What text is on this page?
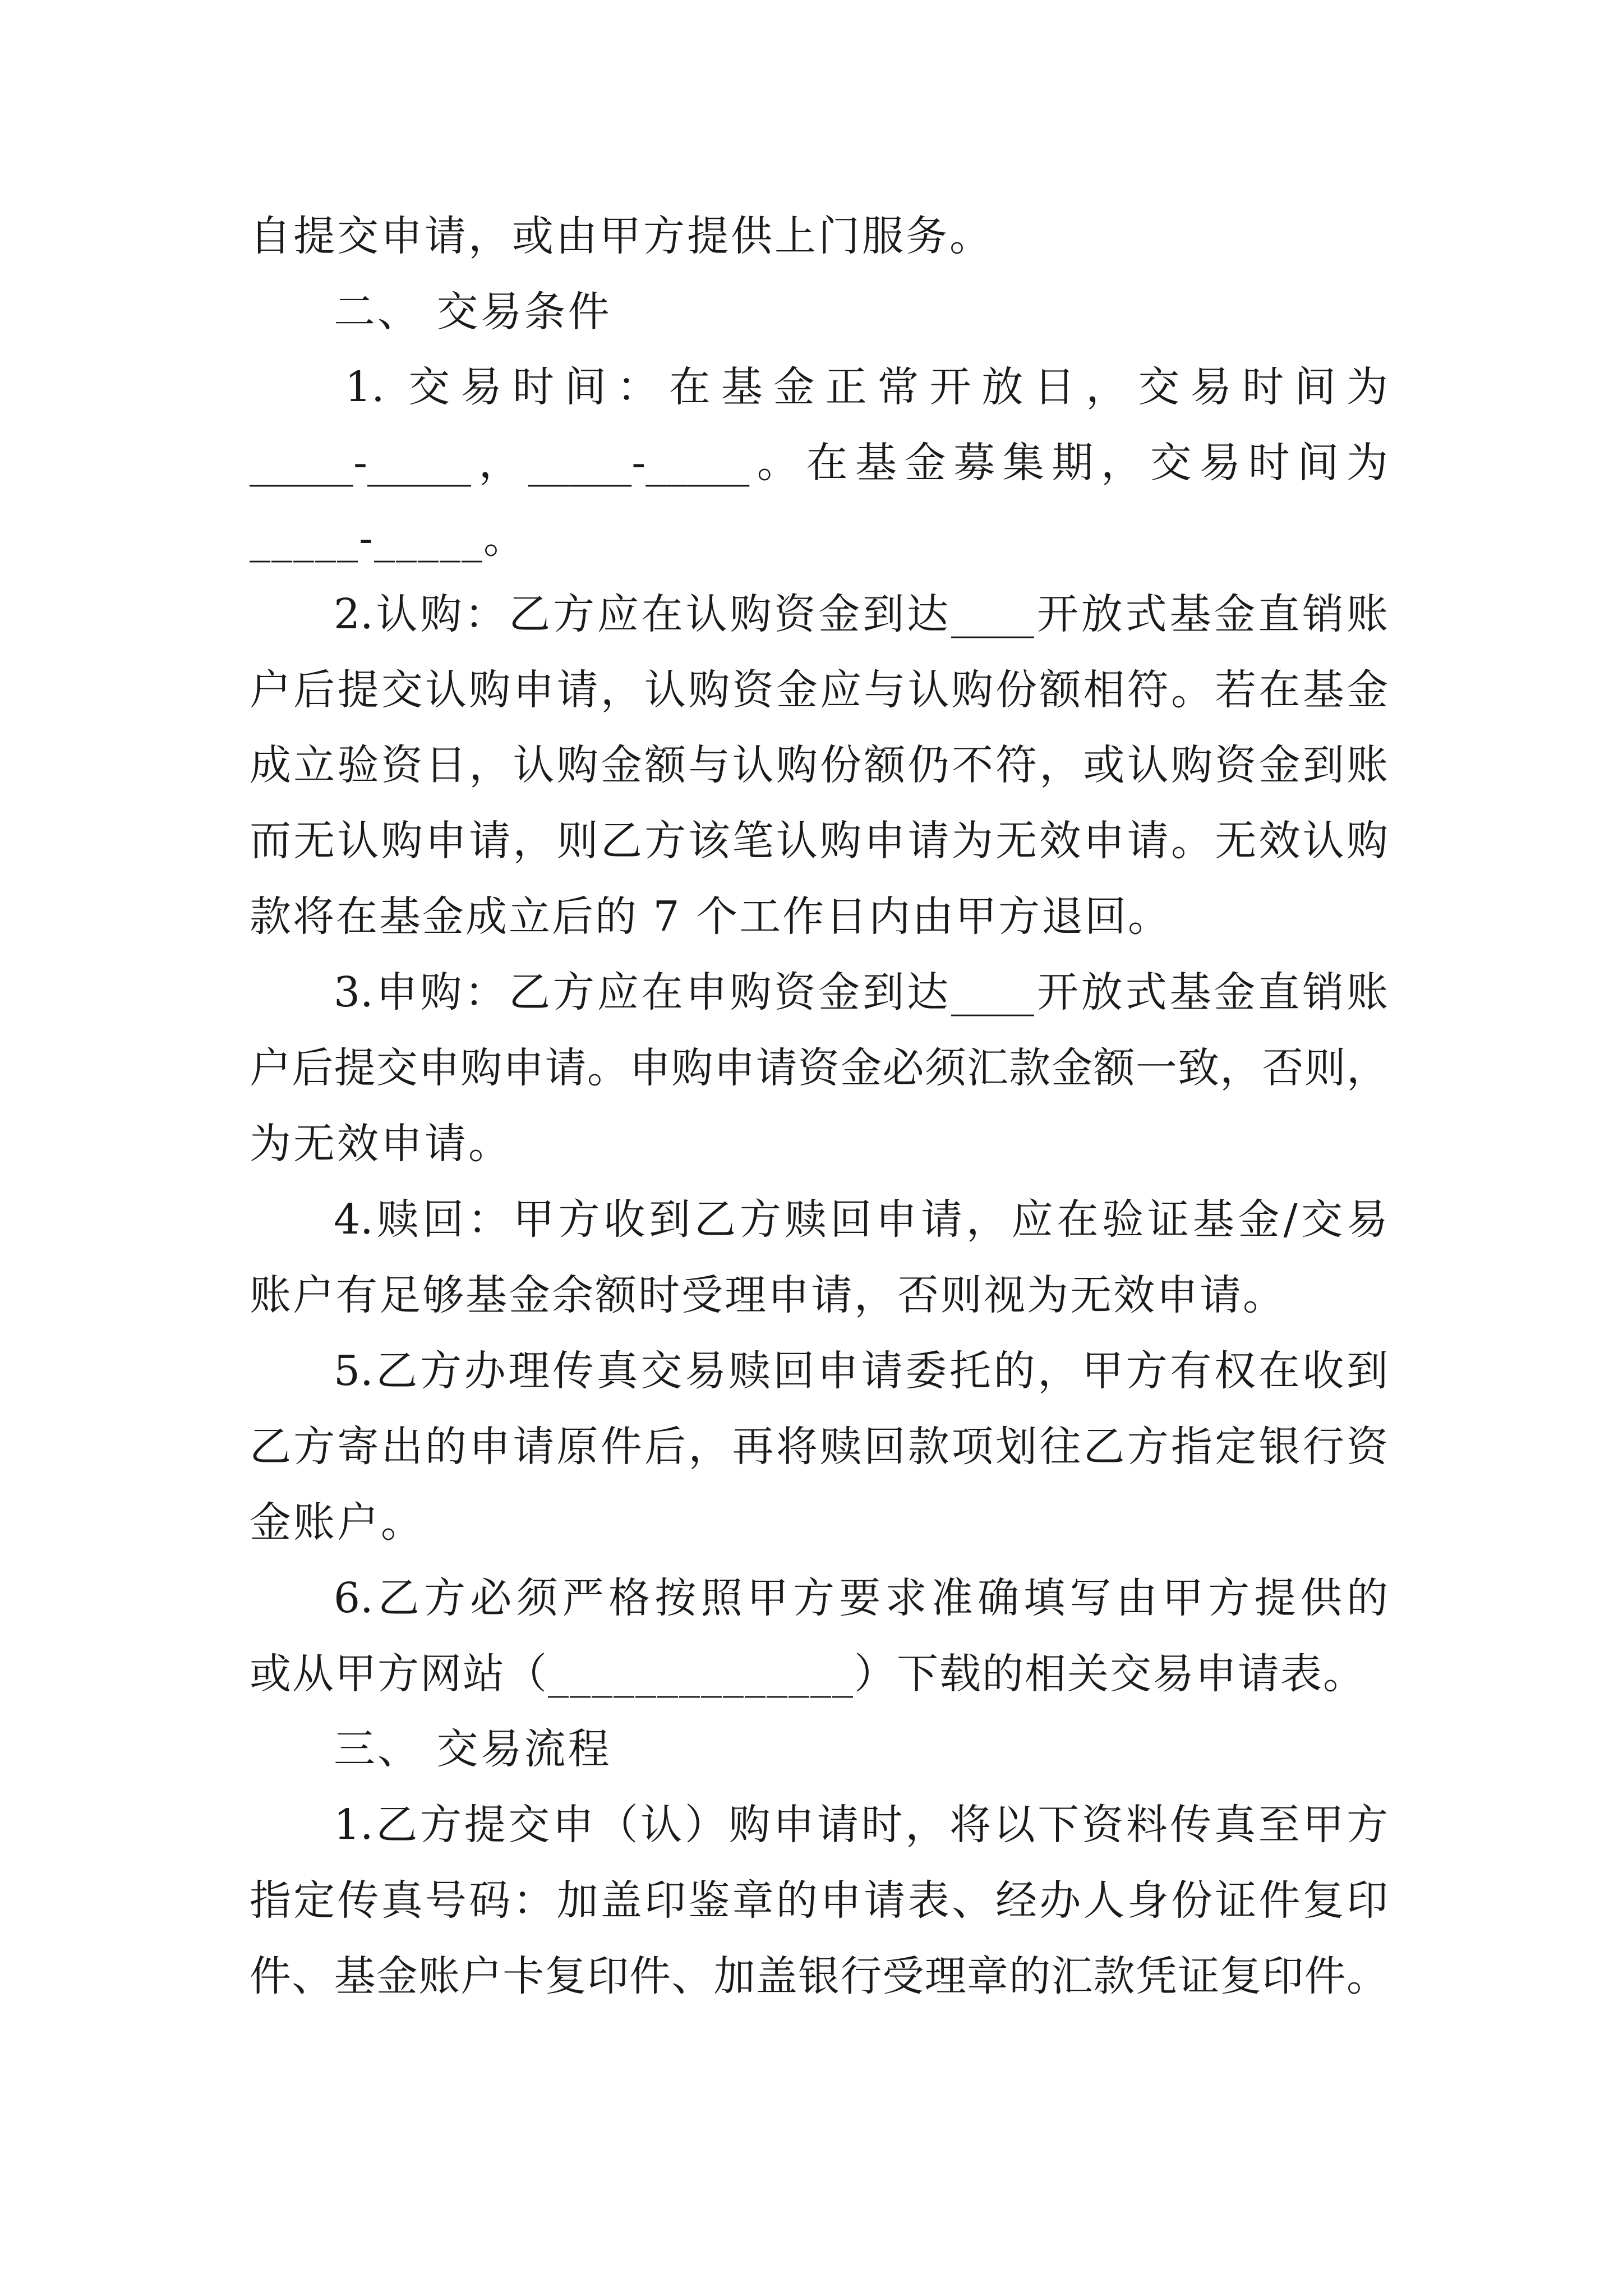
自提交申请，或由甲方提供上门服务。

二、 交易条件

1. 交易时间：在基金正常开放日，交易时间为

_____-_____，_____-_____。在基金募集期，交易时间为

_____-_____。

2.认购：乙方应在认购资金到达____开放式基金直销账

户后提交认购申请，认购资金应与认购份额相符。若在基金

成立验资日，认购金额与认购份额仍不符，或认购资金到账

而无认购申请，则乙方该笔认购申请为无效申请。无效认购

款将在基金成立后的 7 个工作日内由甲方退回。

3.申购：乙方应在申购资金到达____开放式基金直销账

户后提交申购申请。申购申请资金必须汇款金额一致，否则，

为无效申请。

4.赎回：甲方收到乙方赎回申请，应在验证基金/交易

账户有足够基金余额时受理申请，否则视为无效申请。

5.乙方办理传真交易赎回申请委托的，甲方有权在收到

乙方寄出的申请原件后，再将赎回款项划往乙方指定银行资

金账户。

6.乙方必须严格按照甲方要求准确填写由甲方提供的

或从甲方网站（______________）下载的相关交易申请表。

三、 交易流程

1.乙方提交申（认）购申请时，将以下资料传真至甲方

指定传真号码：加盖印鉴章的申请表、经办人身份证件复印

件、基金账户卡复印件、加盖银行受理章的汇款凭证复印件。
